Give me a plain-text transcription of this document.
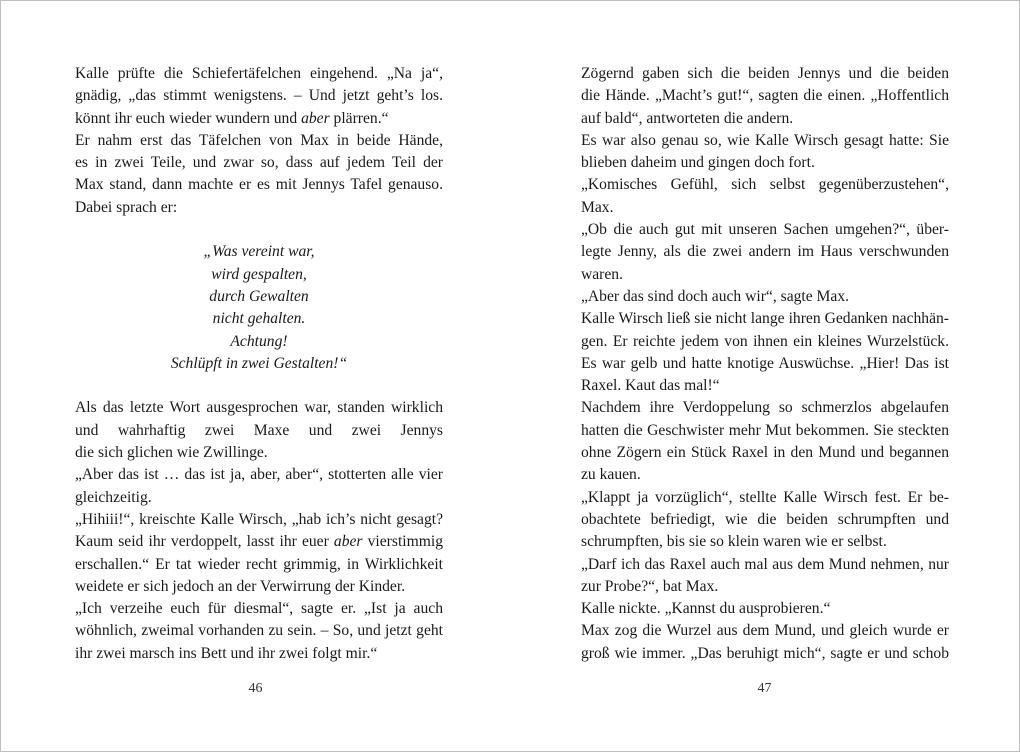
Kalle prüfte die Schiefertäfelchen eingehend. „Na ja“,
gnädig, „das stimmt wenigstens. – Und jetzt geht’s los.
könnt ihr euch wieder wundern und aber plärren.“
Er nahm erst das Täfelchen von Max in beide Hände,
es in zwei Teile, und zwar so, dass auf jedem Teil der
Max stand, dann machte er es mit Jennys Tafel genauso.
Dabei sprach er:
„Was vereint war,
wird gespalten,
durch Gewalten
nicht gehalten.
Achtung!
Schlüpft in zwei Gestalten!“
Als das letzte Wort ausgesprochen war, standen wirklich
und wahrhaftig zwei Maxe und zwei Jennys
die sich glichen wie Zwillinge.
„Aber das ist … das ist ja, aber, aber“, stotterten alle vier
gleichzeitig.
„Hihiii!“, kreischte Kalle Wirsch, „hab ich’s nicht gesagt?
Kaum seid ihr verdoppelt, lasst ihr euer aber vierstimmig
erschallen.“ Er tat wieder recht grimmig, in Wirklichkeit
weidete er sich jedoch an der Verwirrung der Kinder.
„Ich verzeihe euch für diesmal“, sagte er. „Ist ja auch
wöhnlich, zweimal vorhanden zu sein. – So, und jetzt geht
ihr zwei marsch ins Bett und ihr zwei folgt mir.“
46
Zögernd gaben sich die beiden Jennys und die beiden
die Hände. „Macht’s gut!“, sagten die einen. „Hoffentlich
auf bald“, antworteten die andern.
Es war also genau so, wie Kalle Wirsch gesagt hatte: Sie
blieben daheim und gingen doch fort.
„Komisches Gefühl, sich selbst gegenüberzustehen“,
Max.
„Ob die auch gut mit unseren Sachen umgehen?“, über-
legte Jenny, als die zwei andern im Haus verschwunden
waren.
„Aber das sind doch auch wir“, sagte Max.
Kalle Wirsch ließ sie nicht lange ihren Gedanken nachhän-
gen. Er reichte jedem von ihnen ein kleines Wurzelstück.
Es war gelb und hatte knotige Auswüchse. „Hier! Das ist
Raxel. Kaut das mal!“
Nachdem ihre Verdoppelung so schmerzlos abgelaufen
hatten die Geschwister mehr Mut bekommen. Sie steckten
ohne Zögern ein Stück Raxel in den Mund und begannen
zu kauen.
„Klappt ja vorzüglich“, stellte Kalle Wirsch fest. Er be-
obachtete befriedigt, wie die beiden schrumpften und
schrumpften, bis sie so klein waren wie er selbst.
„Darf ich das Raxel auch mal aus dem Mund nehmen, nur
zur Probe?“, bat Max.
Kalle nickte. „Kannst du ausprobieren.“
Max zog die Wurzel aus dem Mund, und gleich wurde er
groß wie immer. „Das beruhigt mich“, sagte er und schob
47
